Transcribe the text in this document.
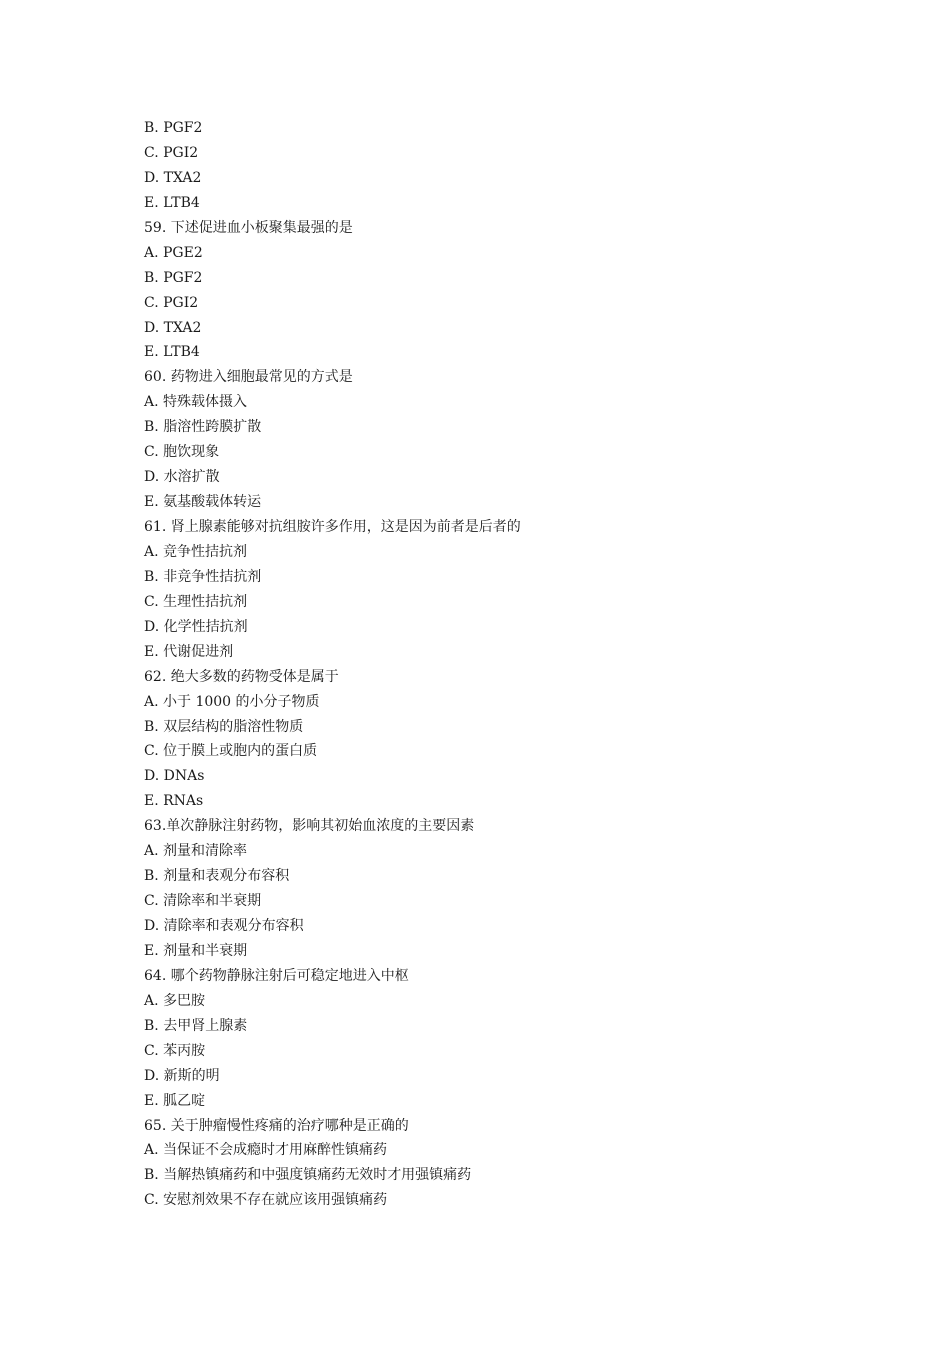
B. PGF2
C. PGI2
D. TXA2
E. LTB4
59. 下述促进血小板聚集最强的是
A. PGE2
B. PGF2
C. PGI2
D. TXA2
E. LTB4
60. 药物进入细胞最常见的方式是
A. 特殊载体摄入
B. 脂溶性跨膜扩散
C. 胞饮现象
D. 水溶扩散
E. 氨基酸载体转运
61. 肾上腺素能够对抗组胺许多作用，这是因为前者是后者的
A. 竞争性拮抗剂
B. 非竞争性拮抗剂
C. 生理性拮抗剂
D. 化学性拮抗剂
E. 代谢促进剂
62. 绝大多数的药物受体是属于
A. 小于 1000 的小分子物质
B. 双层结构的脂溶性物质
C. 位于膜上或胞内的蛋白质
D. DNAs
E. RNAs
63.单次静脉注射药物，影响其初始血浓度的主要因素
A. 剂量和清除率
B. 剂量和表观分布容积
C. 清除率和半衰期
D. 清除率和表观分布容积
E. 剂量和半衰期
64. 哪个药物静脉注射后可稳定地进入中枢
A. 多巴胺
B. 去甲肾上腺素
C. 苯丙胺
D. 新斯的明
E. 胍乙啶
65. 关于肿瘤慢性疼痛的治疗哪种是正确的
A. 当保证不会成瘾时才用麻醉性镇痛药
B. 当解热镇痛药和中强度镇痛药无效时才用强镇痛药
C. 安慰剂效果不存在就应该用强镇痛药
